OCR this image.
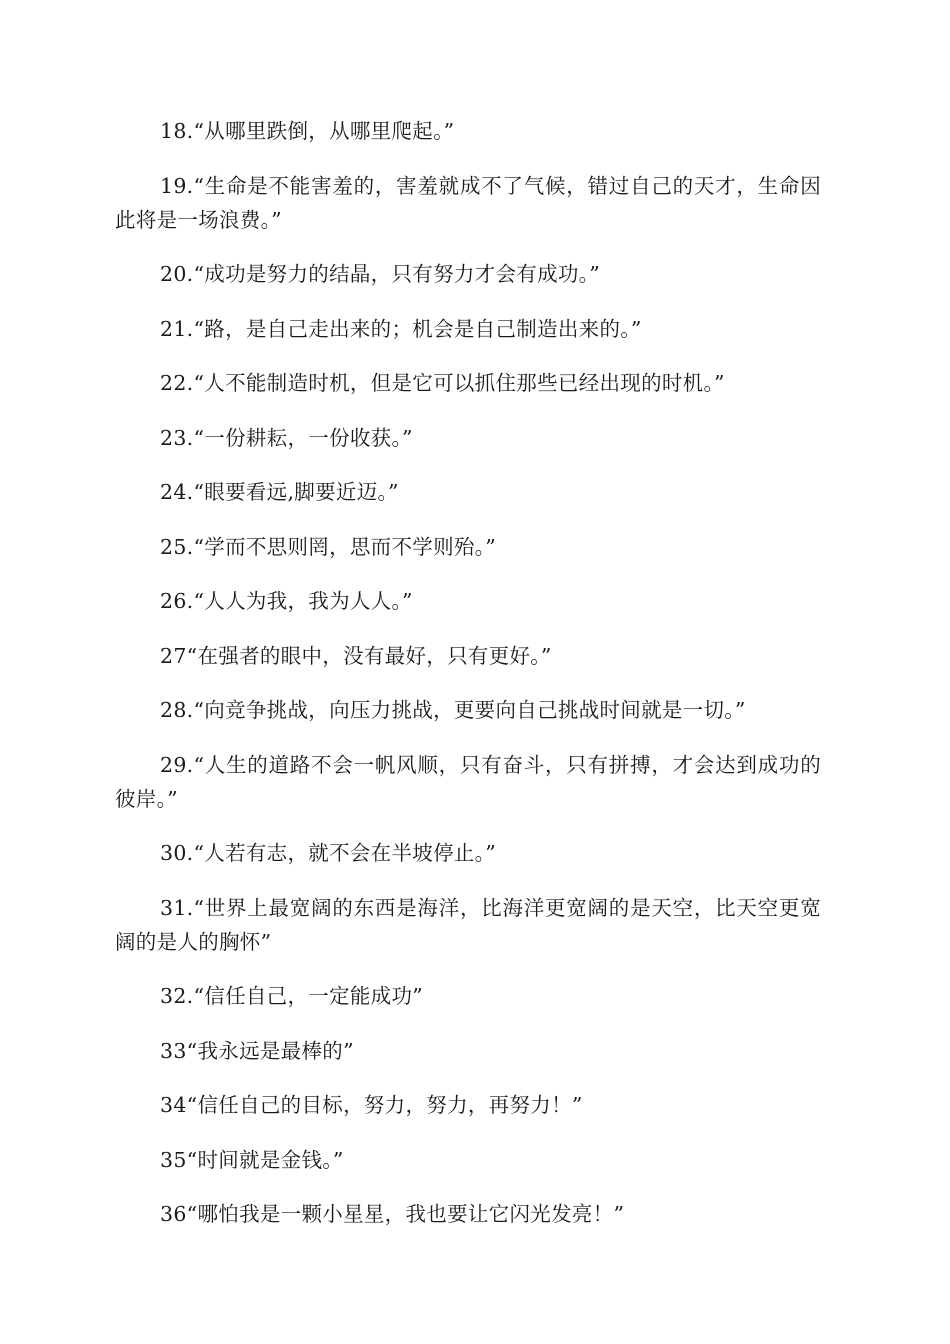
18.“从哪里跌倒，从哪里爬起。”

19.“生命是不能害羞的，害羞就成不了气候，错过自己的天才，生命因此将是一场浪费。”

20.“成功是努力的结晶，只有努力才会有成功。”

21.“路，是自己走出来的；机会是自己制造出来的。”

22.“人不能制造时机，但是它可以抓住那些已经出现的时机。”

23.“一份耕耘，一份收获。”

24.“眼要看远,脚要近迈。”

25.“学而不思则罔，思而不学则殆。”

26.“人人为我，我为人人。”

27“在强者的眼中，没有最好，只有更好。”

28.“向竞争挑战，向压力挑战，更要向自己挑战时间就是一切。”

29.“人生的道路不会一帆风顺，只有奋斗，只有拼搏，才会达到成功的彼岸。”

30.“人若有志，就不会在半坡停止。”

31.“世界上最宽阔的东西是海洋，比海洋更宽阔的是天空，比天空更宽阔的是人的胸怀”

32.“信任自己，一定能成功”

33“我永远是最棒的”

34“信任自己的目标，努力，努力，再努力！”

35“时间就是金钱。”

36“哪怕我是一颗小星星，我也要让它闪光发亮！”
